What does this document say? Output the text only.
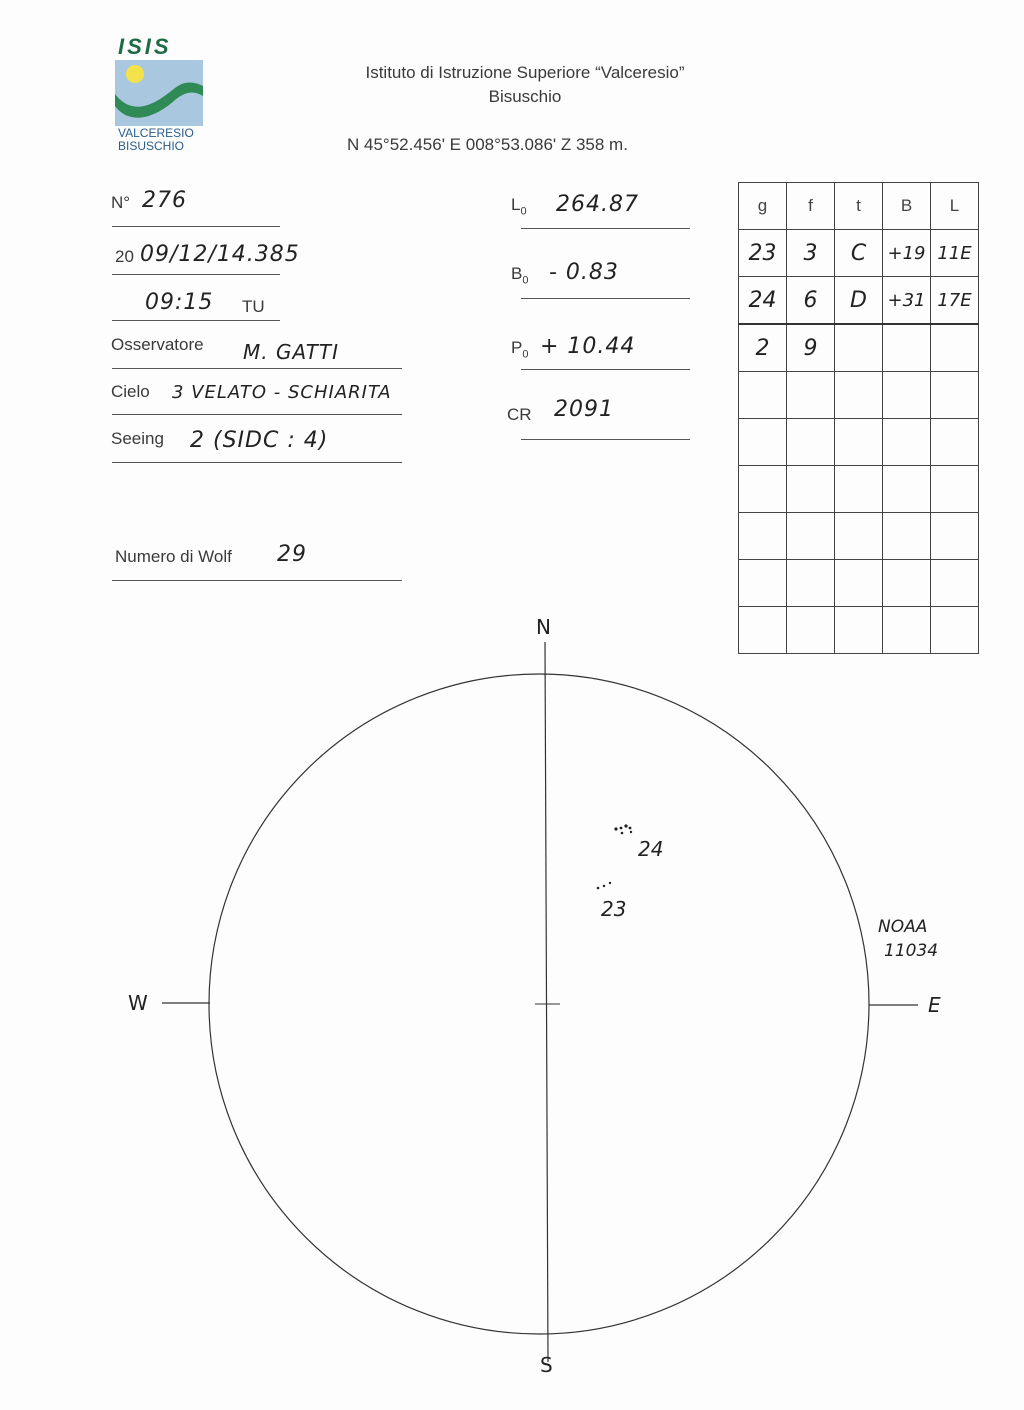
ISIS
VALCERESIO
BISUSCHIO
Istituto di Istruzione Superiore “Valceresio”
Bisuschio
N 45°52.456' E 008°53.086' Z 358 m.
N° 276
20 09/12/14.385
09:15 TU
Osservatore M. GATTI
Cielo 3 VELATO - SCHIARITA
Seeing 2 (SIDC : 4)
Numero di Wolf 29
$L_0$ 264.87
$B_0 - 0.83$
$P_0 + 10.44$
CR 2091
g	f	t	B	L
23	3	C	+19	11E
24	6	D	+31	17E
2	9			

N
S
W	E
24
23
NOAA
11034
